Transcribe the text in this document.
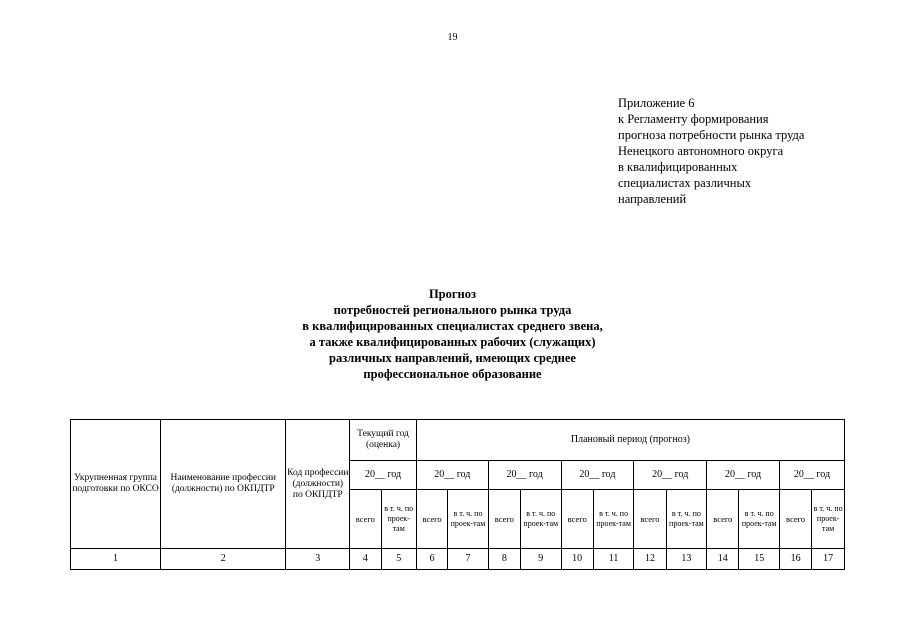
19
Приложение 6
к Регламенту формирования
прогноза потребности рынка труда
Ненецкого автономного округа
в квалифицированных
специалистах различных
направлений
Прогноз
потребностей регионального рынка труда
в квалифицированных специалистах среднего звена,
а также квалифицированных рабочих (служащих)
различных направлений, имеющих среднее
профессиональное образование
Укрупненная группа подготовки по ОКСО	Наименование профессии (должности) по ОКПДТР	Код профессии (должности) по ОКПДТР	Текущий год (оценка)		Плановый период (прогноз)											
			20__ год		20__ год		20__ год		20__ год		20__ год		20__ год		20__ год	
			всего	в т. ч. по проек-там	всего	в т. ч. по проек-там	всего	в т. ч. по проек-там	всего	в т. ч. по проек-там	всего	в т. ч. по проек-там	всего	в т. ч. по проек-там	всего	в т. ч. по проек-там
1	2	3	4	5	6	7	8	9	10	11	12	13	14	15	16	17
